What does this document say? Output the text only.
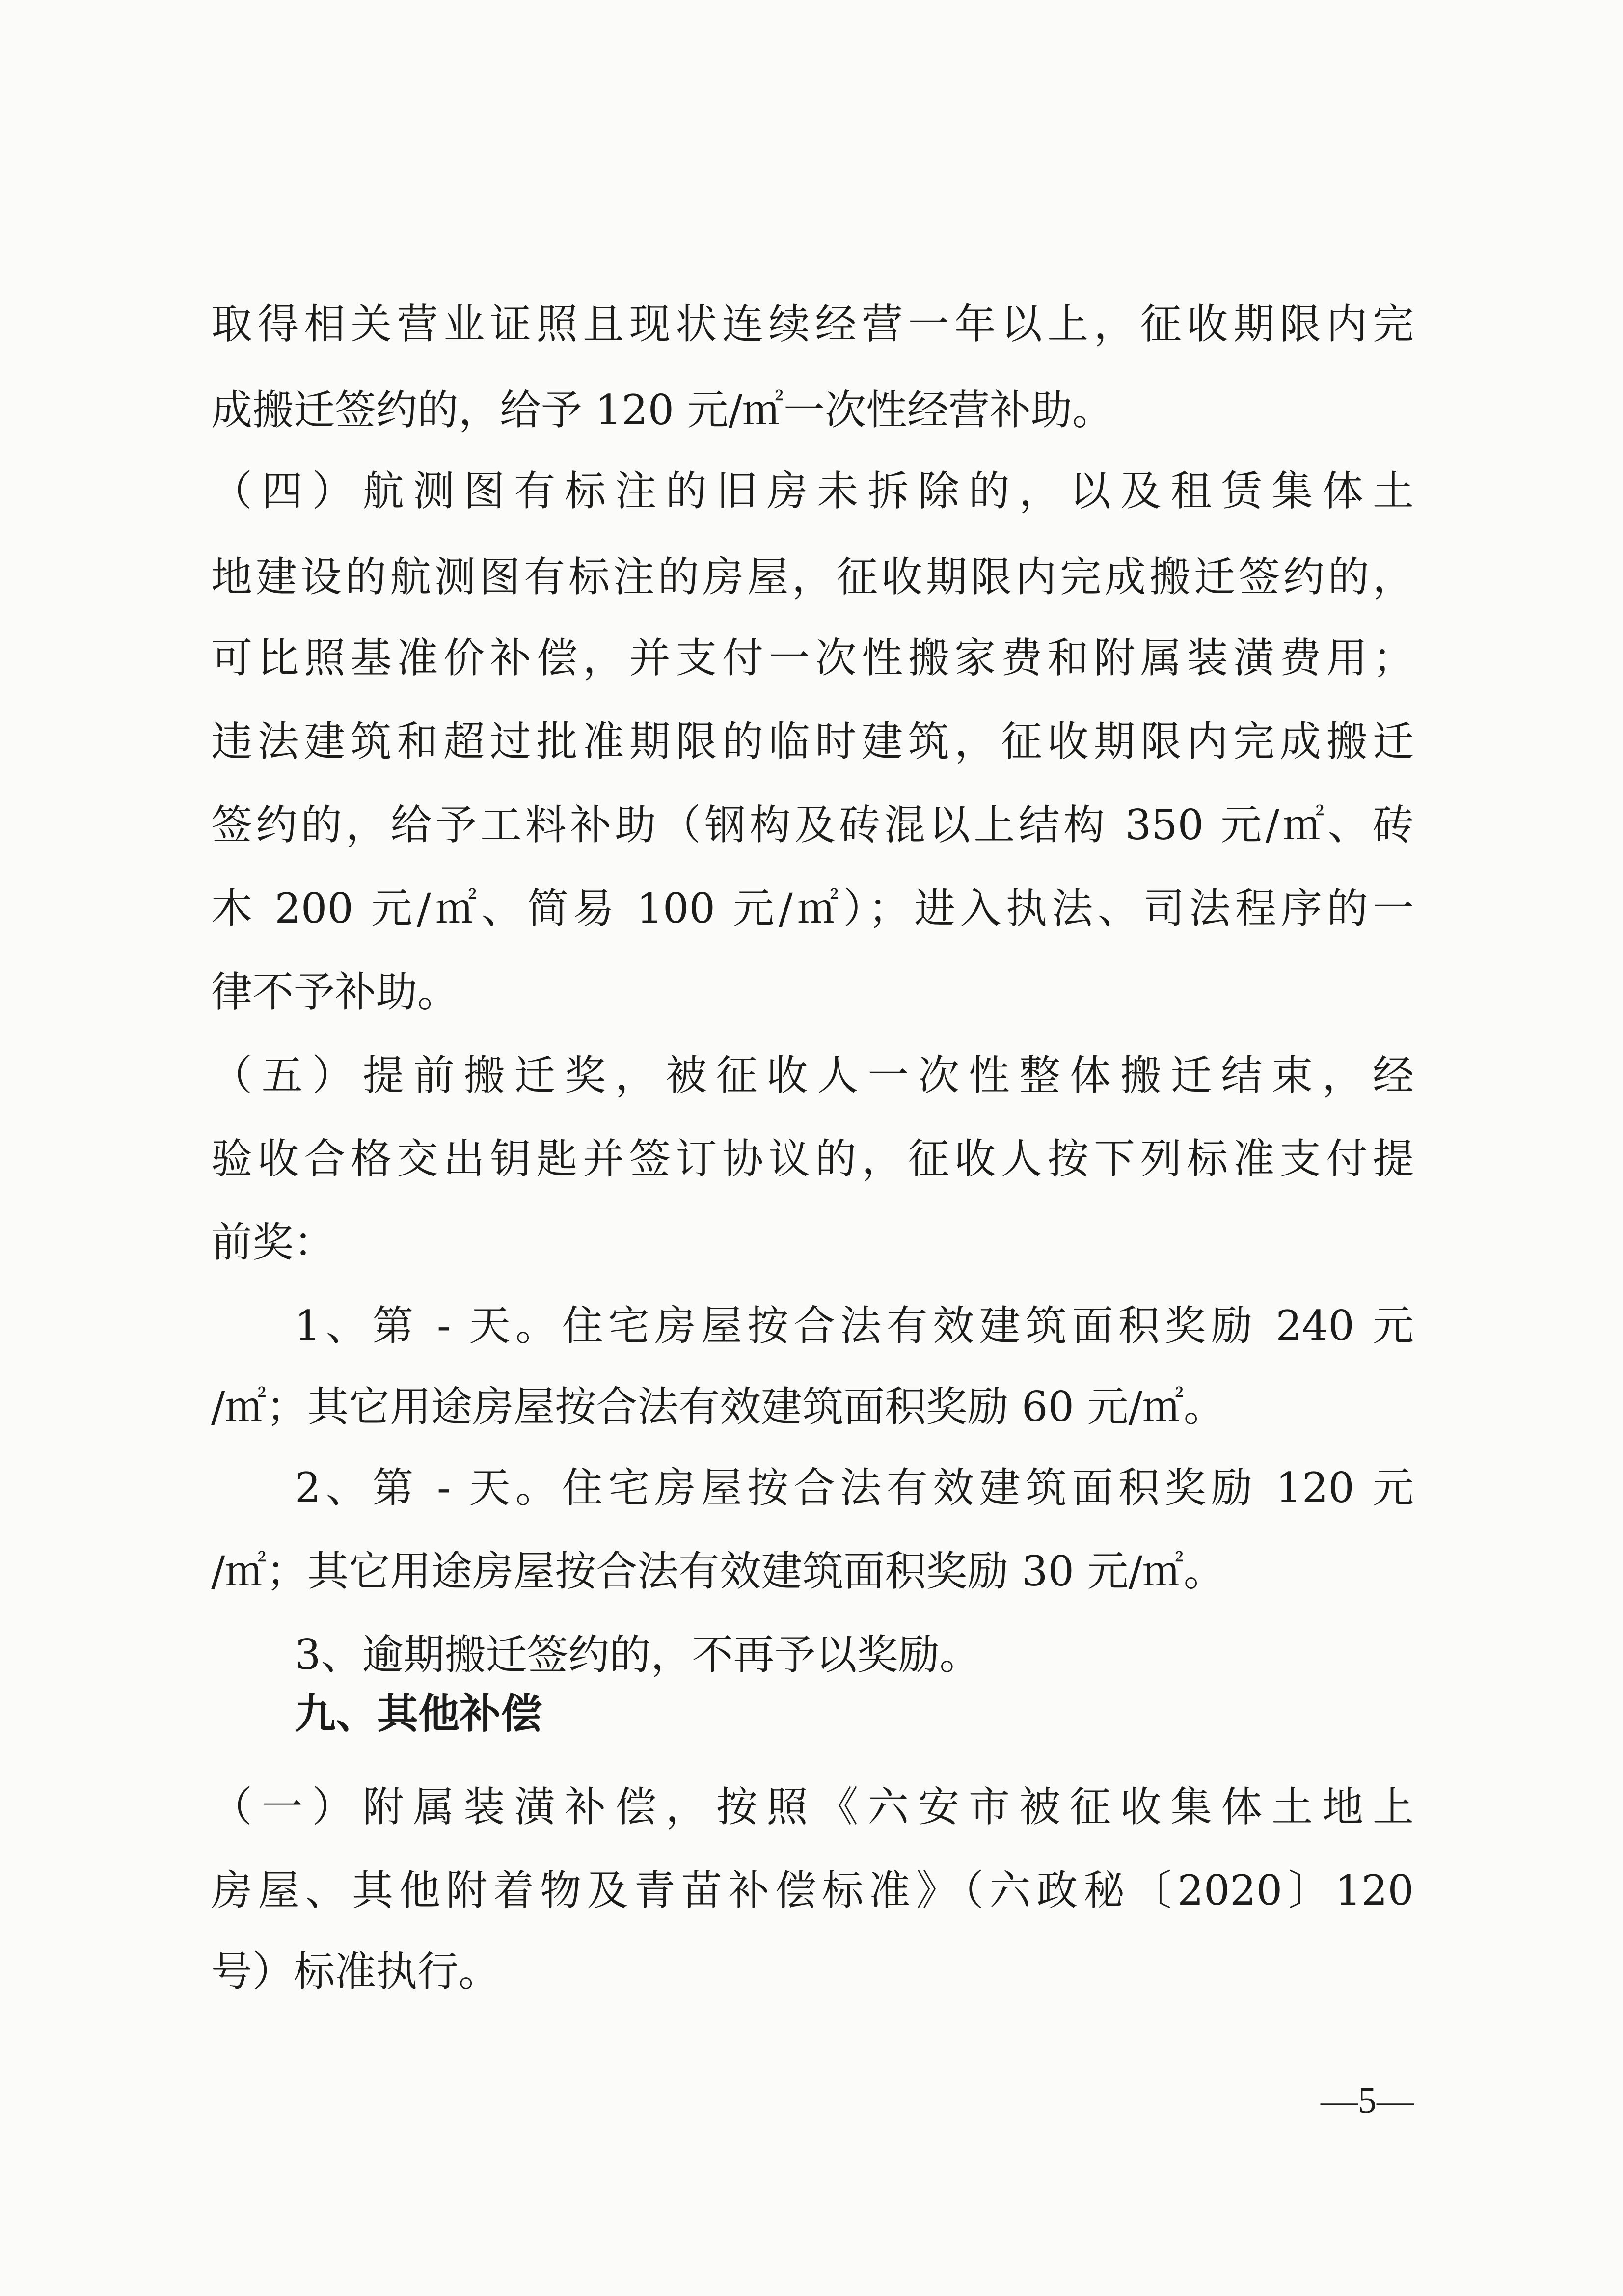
取得相关营业证照且现状连续经营一年以上，征收期限内完
成搬迁签约的，给予 120 元/㎡一次性经营补助。
（四）航测图有标注的旧房未拆除的，以及租赁集体土
地建设的航测图有标注的房屋，征收期限内完成搬迁签约的，
可比照基准价补偿，并支付一次性搬家费和附属装潢费用；
违法建筑和超过批准期限的临时建筑，征收期限内完成搬迁
签约的，给予工料补助（钢构及砖混以上结构 350 元/㎡、砖
木 200 元/㎡、简易 100 元/㎡）；进入执法、司法程序的一
律不予补助。
（五）提前搬迁奖，被征收人一次性整体搬迁结束，经
验收合格交出钥匙并签订协议的，征收人按下列标准支付提
前奖：
1、第 - 天。住宅房屋按合法有效建筑面积奖励 240 元
/㎡；其它用途房屋按合法有效建筑面积奖励 60 元/㎡。
2、第 - 天。住宅房屋按合法有效建筑面积奖励 120 元
/㎡；其它用途房屋按合法有效建筑面积奖励 30 元/㎡。
3、逾期搬迁签约的，不再予以奖励。
九、其他补偿
（一）附属装潢补偿，按照《六安市被征收集体土地上
房屋、其他附着物及青苗补偿标准》（六政秘〔2020〕120
号）标准执行。
—5—
